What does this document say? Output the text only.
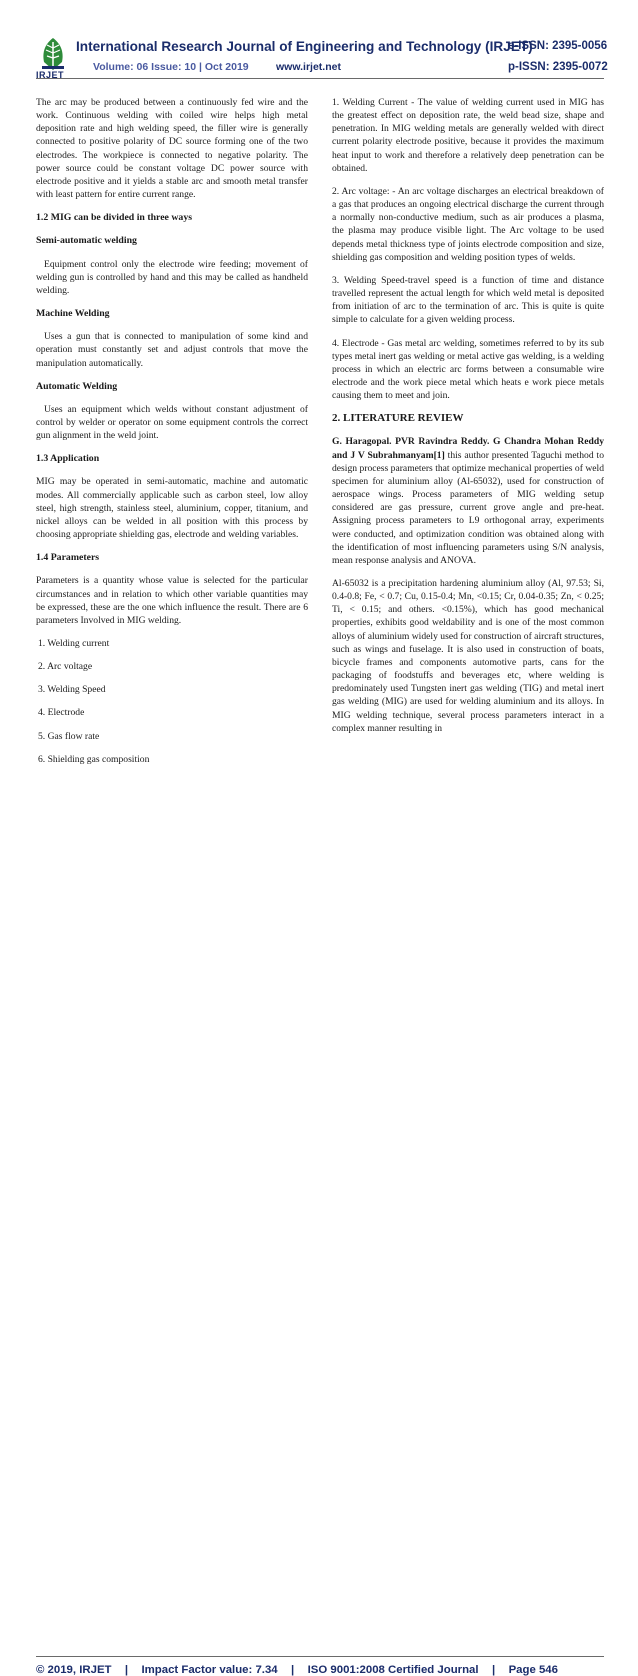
IRJET
International Research Journal of Engineering and Technology (IRJET)
e-ISSN: 2395-0056
Volume: 06 Issue: 10 | Oct 2019	www.irjet.net	p-ISSN: 2395-0072

The arc may be produced between a continuously fed wire and the work. Continuous welding with coiled wire helps high metal deposition rate and high welding speed, the filler wire is generally connected to positive polarity of DC source forming one of the two electrodes. The workpiece is connected to negative polarity. The power source could be constant voltage DC power source with electrode positive and it yields a stable arc and smooth metal transfer with least pattern for entire current range.

1.2 MIG can be divided in three ways
Semi-automatic welding

Equipment control only the electrode wire feeding; movement of welding gun is controlled by hand and this may be called as handheld welding.

Machine Welding

Uses a gun that is connected to manipulation of some kind and operation must constantly set and adjust controls that move the manipulation automatically.

Automatic Welding

Uses an equipment which welds without constant adjustment of control by welder or operator on some equipment controls the correct gun alignment in the weld joint.

1.3 Application

MIG may be operated in semi-automatic, machine and automatic modes. All commercially applicable such as carbon steel, low alloy steel, high strength, stainless steel, aluminium, copper, titanium, and nickel alloys can be welded in all position with this process by choosing appropriate shielding gas, electrode and welding variables.

1.4 Parameters

Parameters is a quantity whose value is selected for the particular circumstances and in relation to which other variable quantities may be expressed, these are the one which influence the result. There are 6 parameters Involved in MIG welding.

1. Welding current
2. Arc voltage
3. Welding Speed
4. Electrode
5. Gas flow rate
6. Shielding gas composition

1. Welding Current - The value of welding current used in MIG has the greatest effect on deposition rate, the weld bead size, shape and penetration. In MIG welding metals are generally welded with direct current polarity electrode positive, because it provides the maximum heat input to work and therefore a relatively deep penetration can be obtained.

2. Arc voltage: - An arc voltage discharges an electrical breakdown of a gas that produces an ongoing electrical discharge the current through a normally non-conductive medium, such as air produces a plasma, the plasma may produce visible light. The Arc voltage to be used depends metal thickness type of joints electrode composition and size, shielding gas composition and welding position types of welds.

3. Welding Speed-travel speed is a function of time and distance travelled represent the actual length for which weld metal is deposited from initiation of arc to the termination of arc. This is quite is quite simple to calculate for a given welding process.

4. Electrode - Gas metal arc welding, sometimes referred to by its sub types metal inert gas welding or metal active gas welding, is a welding process in which an electric arc forms between a consumable wire electrode and the work piece metal which heats e work piece metals causing them to meet and join.

2. LITERATURE REVIEW

G. Haragopal. PVR Ravindra Reddy. G Chandra Mohan Reddy and J V Subrahmanyam[1] this author presented Taguchi method to design process parameters that optimize mechanical properties of weld specimen for aluminium alloy (Al-65032), used for construction of aerospace wings. Process parameters of MIG welding setup considered are gas pressure, current grove angle and pre-heat. Assigning process parameters to L9 orthogonal array, experiments were conducted, and optimization condition was obtained along with the identification of most influencing parameters using S/N analysis, mean response analysis and ANOVA.

Al-65032 is a precipitation hardening aluminium alloy (Al, 97.53; Si, 0.4-0.8; Fe, < 0.7; Cu, 0.15-0.4; Mn, <0.15; Cr, 0.04-0.35; Zn, < 0.25; Ti, < 0.15; and others. <0.15%), which has good mechanical properties, exhibits good weldability and is one of the most common alloys of aluminium widely used for construction of aircraft structures, such as wings and fuselage. It is also used in construction of boats, bicycle frames and components automotive parts, cans for the packaging of foodstuffs and beverages etc, where welding is predominately used Tungsten inert gas welding (TIG) and metal inert gas welding (MIG) are used for welding aluminium and its alloys. In MIG welding technique, several process parameters interact in a complex manner resulting in

© 2019, IRJET | Impact Factor value: 7.34 | ISO 9001:2008 Certified Journal | Page 546
